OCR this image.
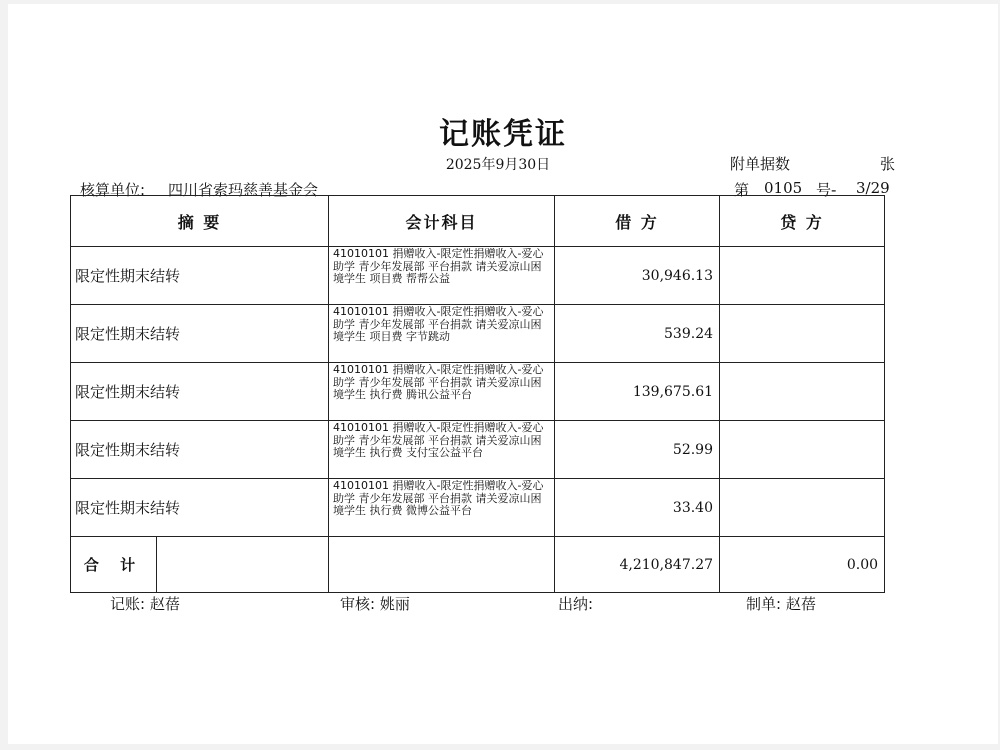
记账凭证
2025年9月30日	附单据数	张
核算单位: 四川省索玛慈善基金会	第 0105 号- 3/29
摘 要		会计科目	借 方	贷 方
限定性期末结转		41010101 捐赠收入-限定性捐赠收入-爱心助学 青少年发展部 平台捐款 请关爱凉山困境学生 项目费 帮帮公益	30,946.13	
限定性期末结转		41010101 捐赠收入-限定性捐赠收入-爱心助学 青少年发展部 平台捐款 请关爱凉山困境学生 项目费 字节跳动	539.24	
限定性期末结转		41010101 捐赠收入-限定性捐赠收入-爱心助学 青少年发展部 平台捐款 请关爱凉山困境学生 执行费 腾讯公益平台	139,675.61	
限定性期末结转		41010101 捐赠收入-限定性捐赠收入-爱心助学 青少年发展部 平台捐款 请关爱凉山困境学生 执行费 支付宝公益平台	52.99	
限定性期末结转		41010101 捐赠收入-限定性捐赠收入-爱心助学 青少年发展部 平台捐款 请关爱凉山困境学生 执行费 微博公益平台	33.40	
合 计			4,210,847.27	0.00
记账: 赵蓓	审核: 姚丽	出纳:	制单: 赵蓓
